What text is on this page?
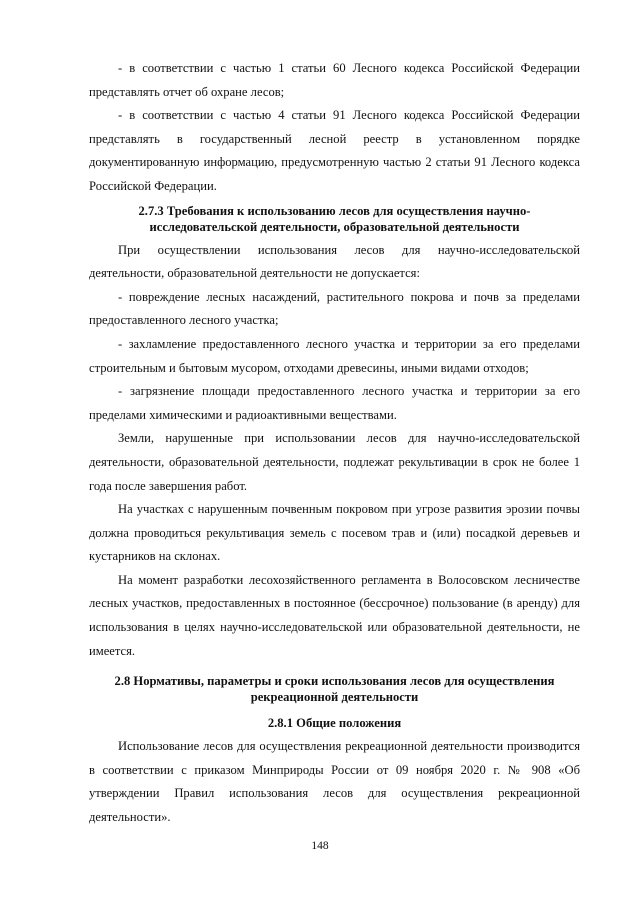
- в соответствии с частью 1 статьи 60 Лесного кодекса Российской Федерации представлять отчет об охране лесов;

- в соответствии с частью 4 статьи 91 Лесного кодекса Российской Федерации представлять в государственный лесной реестр в установленном порядке документированную информацию, предусмотренную частью 2 статьи 91 Лесного кодекса Российской Федерации.

2.7.3 Требования к использованию лесов для осуществления научно-исследовательской деятельности, образовательной деятельности

При осуществлении использования лесов для научно-исследовательской деятельности, образовательной деятельности не допускается:

- повреждение лесных насаждений, растительного покрова и почв за пределами предоставленного лесного участка;

- захламление предоставленного лесного участка и территории за его пределами строительным и бытовым мусором, отходами древесины, иными видами отходов;

- загрязнение площади предоставленного лесного участка и территории за его пределами химическими и радиоактивными веществами.

Земли, нарушенные при использовании лесов для научно-исследовательской деятельности, образовательной деятельности, подлежат рекультивации в срок не более 1 года после завершения работ.

На участках с нарушенным почвенным покровом при угрозе развития эрозии почвы должна проводиться рекультивация земель с посевом трав и (или) посадкой деревьев и кустарников на склонах.

На момент разработки лесохозяйственного регламента в Волосовском лесничестве лесных участков, предоставленных в постоянное (бессрочное) пользование (в аренду) для использования в целях научно-исследовательской или образовательной деятельности, не имеется.

2.8 Нормативы, параметры и сроки использования лесов для осуществления рекреационной деятельности
2.8.1 Общие положения

Использование лесов для осуществления рекреационной деятельности производится в соответствии с приказом Минприроды России от 09 ноября 2020 г. № 908 «Об утверждении Правил использования лесов для осуществления рекреационной деятельности».

148
